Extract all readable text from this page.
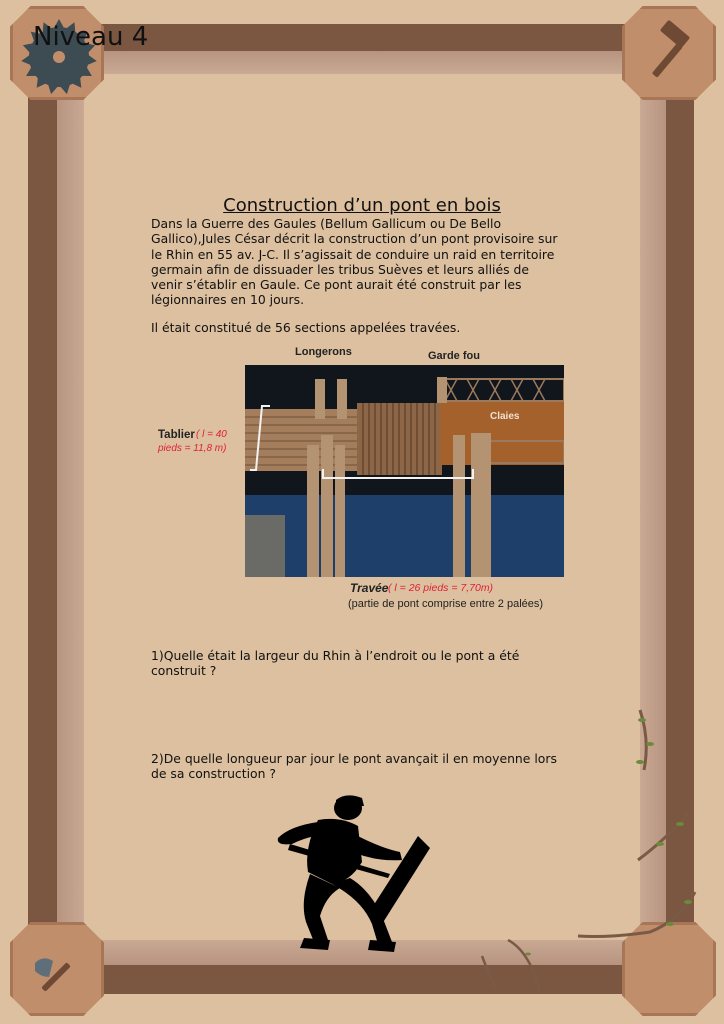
Niveau 4
Construction d’un pont en bois
Dans la Guerre des Gaules (Bellum Gallicum ou De Bello Gallico),Jules César décrit la construction d’un pont provisoire sur le Rhin en 55 av. J-C. Il s’agissait de conduire un raid en territoire germain afin de dissuader les tribus Suèves et leurs alliés de venir s’établir en Gaule. Ce pont aurait été construit par les légionnaires en 10 jours.
Il était constitué de 56 sections appelées travées.
Longerons	Garde fou
Claies
Tablier ( l = 40
pieds = 11,8 m)
Travée ( l = 26 pieds = 7,70m)
(partie de pont comprise entre 2 palées)
1)Quelle était la largeur du Rhin à l’endroit ou le pont a été construit ?
2)De quelle longueur par jour le pont avançait il en moyenne lors de sa construction ?
